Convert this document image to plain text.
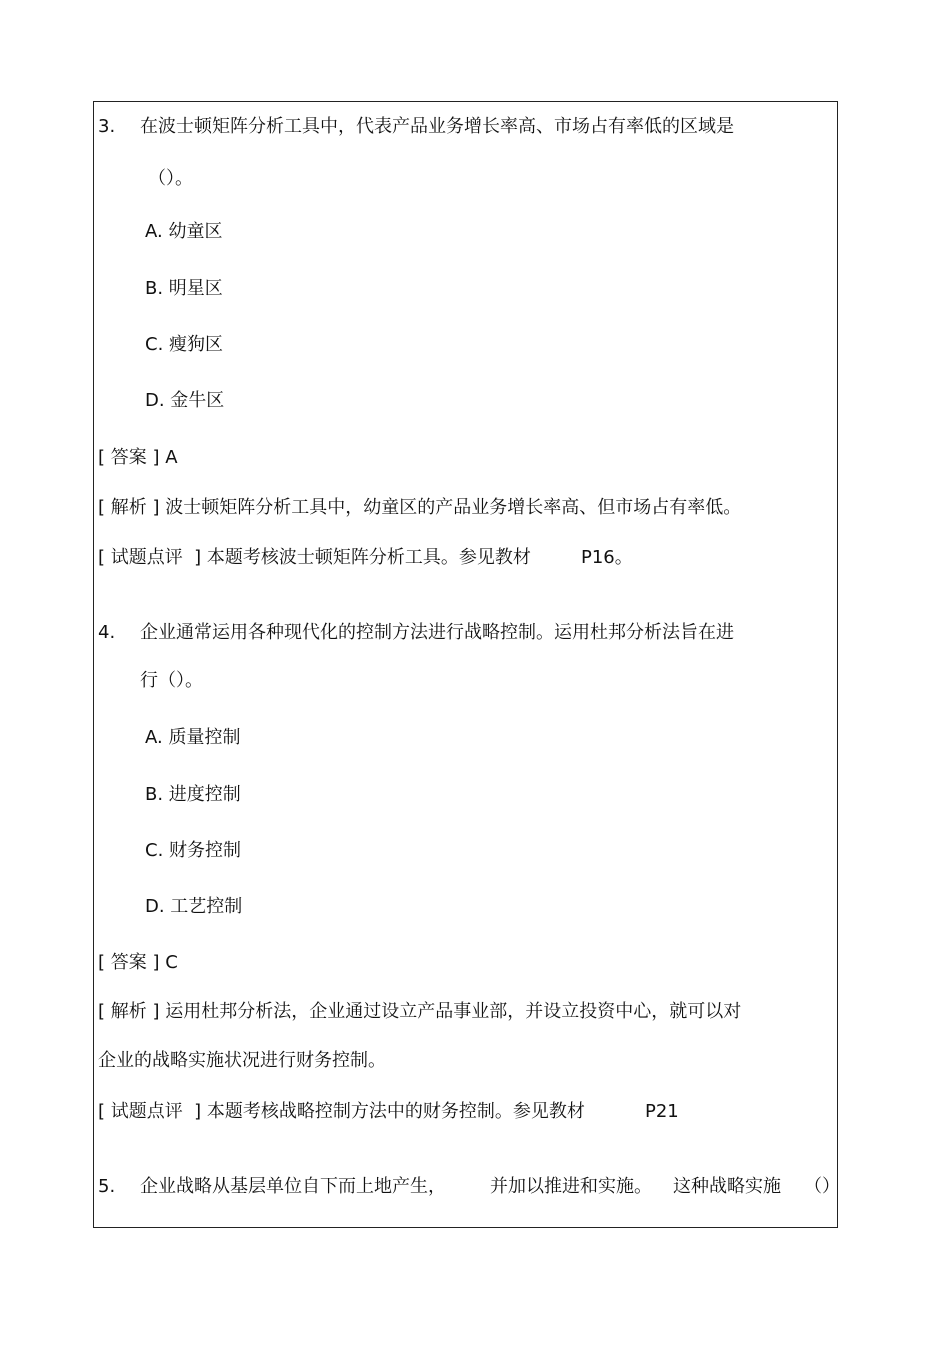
3. 在波士顿矩阵分析工具中，代表产品业务增长率高、市场占有率低的区域是
（）。
A. 幼童区
B. 明星区
C. 瘦狗区
D. 金牛区
[ 答案 ] A
[ 解析 ] 波士顿矩阵分析工具中，幼童区的产品业务增长率高、但市场占有率低。
[ 试题点评  ] 本题考核波士顿矩阵分析工具。参见教材	P16。
4. 企业通常运用各种现代化的控制方法进行战略控制。运用杜邦分析法旨在进
行（）。
A. 质量控制
B. 进度控制
C. 财务控制
D. 工艺控制
[ 答案 ] C
[ 解析 ] 运用杜邦分析法，企业通过设立产品事业部，并设立投资中心，就可以对
企业的战略实施状况进行财务控制。
[ 试题点评  ] 本题考核战略控制方法中的财务控制。参见教材	P21
5. 企业战略从基层单位自下而上地产生， 并加以推进和实施。 这种战略实施 （）
